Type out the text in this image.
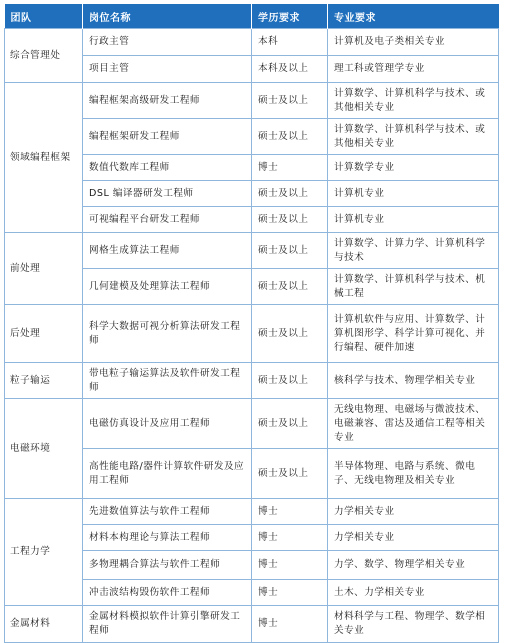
团队	岗位名称	学历要求	专业要求
综合管理处	行政主管	本科	计算机及电子类相关专业
	项目主管	本科及以上	理工科或管理学专业
领域编程框架	编程框架高级研发工程师	硕士及以上	计算数学、计算机科学与技术、或其他相关专业
	编程框架研发工程师	硕士及以上	计算数学、计算机科学与技术、或其他相关专业
	数值代数库工程师	博士	计算数学专业
	DSL 编译器研发工程师	硕士及以上	计算机专业
	可视编程平台研发工程师	硕士及以上	计算机专业
前处理	网格生成算法工程师	硕士及以上	计算数学、计算力学、计算机科学与技术
	几何建模及处理算法工程师	硕士及以上	计算数学、计算机科学与技术、机械工程
后处理	科学大数据可视分析算法研发工程师	硕士及以上	计算机软件与应用、计算数学、计算机图形学、科学计算可视化、并行编程、硬件加速
粒子输运	带电粒子输运算法及软件研发工程师	硕士及以上	核科学与技术、物理学相关专业
电磁环境	电磁仿真设计及应用工程师	硕士及以上	无线电物理、电磁场与微波技术、电磁兼容、雷达及通信工程等相关专业
	高性能电路/器件计算软件研发及应用工程师	硕士及以上	半导体物理、电路与系统、微电子、无线电物理及相关专业
工程力学	先进数值算法与软件工程师	博士	力学相关专业
	材料本构理论与算法工程师	博士	力学相关专业
	多物理耦合算法与软件工程师	博士	力学、数学、物理学相关专业
	冲击波结构毁伤软件工程师	博士	土木、力学相关专业
金属材料	金属材料模拟软件计算引擎研发工程师	博士	材料科学与工程、物理学、数学相关专业
